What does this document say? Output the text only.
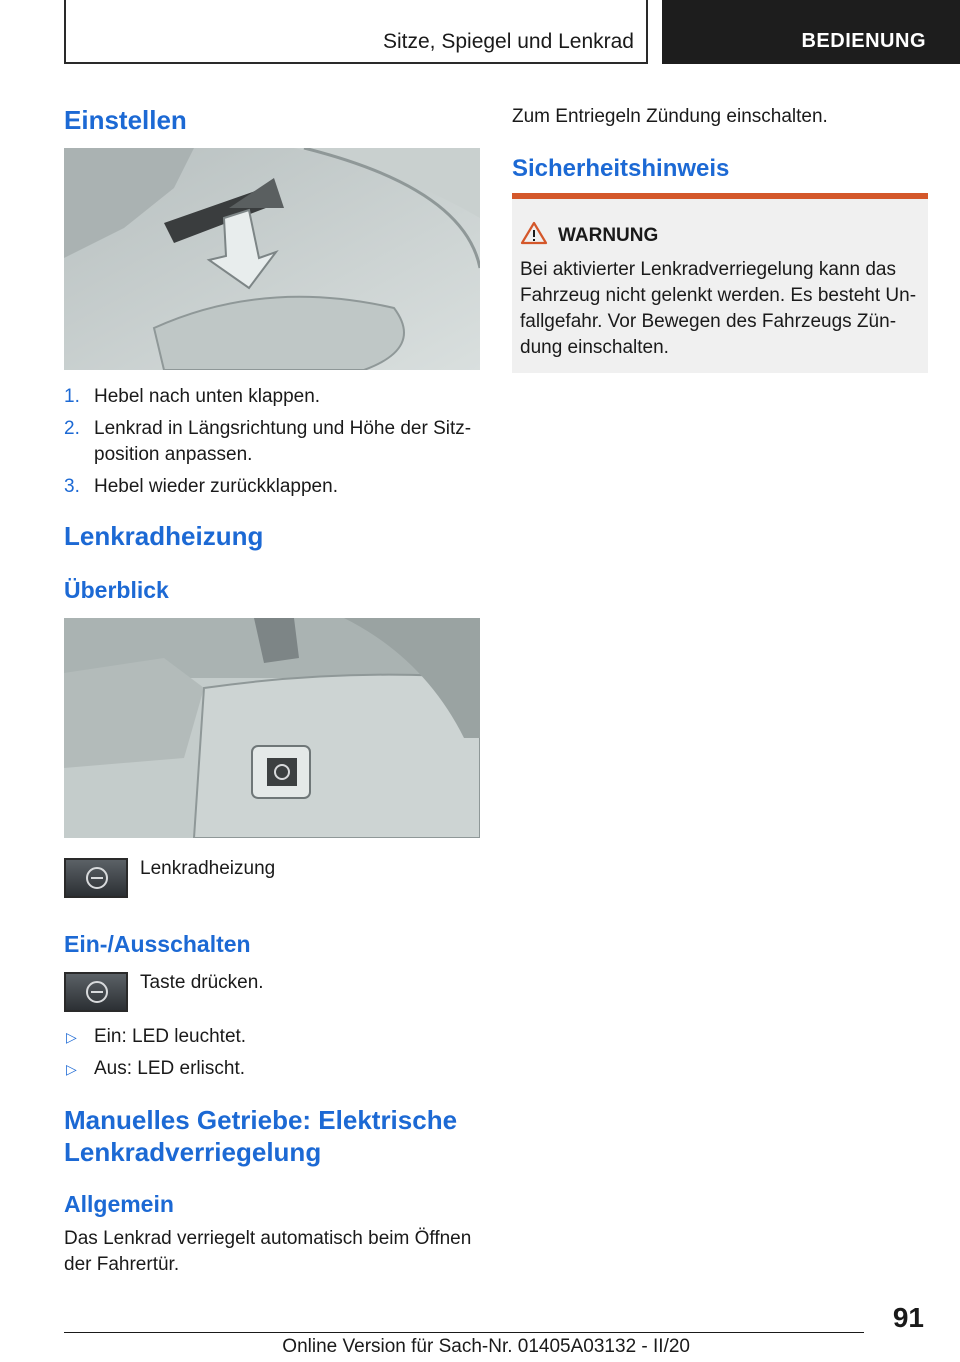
Sitze, Spiegel und Lenkrad	BEDIENUNG
Einstellen
1. Hebel nach unten klappen.
2. Lenkrad in Längsrichtung und Höhe der Sitzposition anpassen.
3. Hebel wieder zurückklappen.
Lenkradheizung
Überblick

Lenkradheizung

Ein-/Ausschalten

Taste drücken.

▷ Ein: LED leuchtet.
▷ Aus: LED erlischt.
Manuelles Getriebe: Elektrische Lenkradverriegelung
Allgemein

Das Lenkrad verriegelt automatisch beim Öffnen der Fahrertür.

Zum Entriegeln Zündung einschalten.

Sicherheitshinweis
WARNUNG

Bei aktivierter Lenkradverriegelung kann das Fahrzeug nicht gelenkt werden. Es besteht Unfallgefahr. Vor Bewegen des Fahrzeugs Zündung einschalten.

91
Online Version für Sach-Nr. 01405A03132 - II/20
